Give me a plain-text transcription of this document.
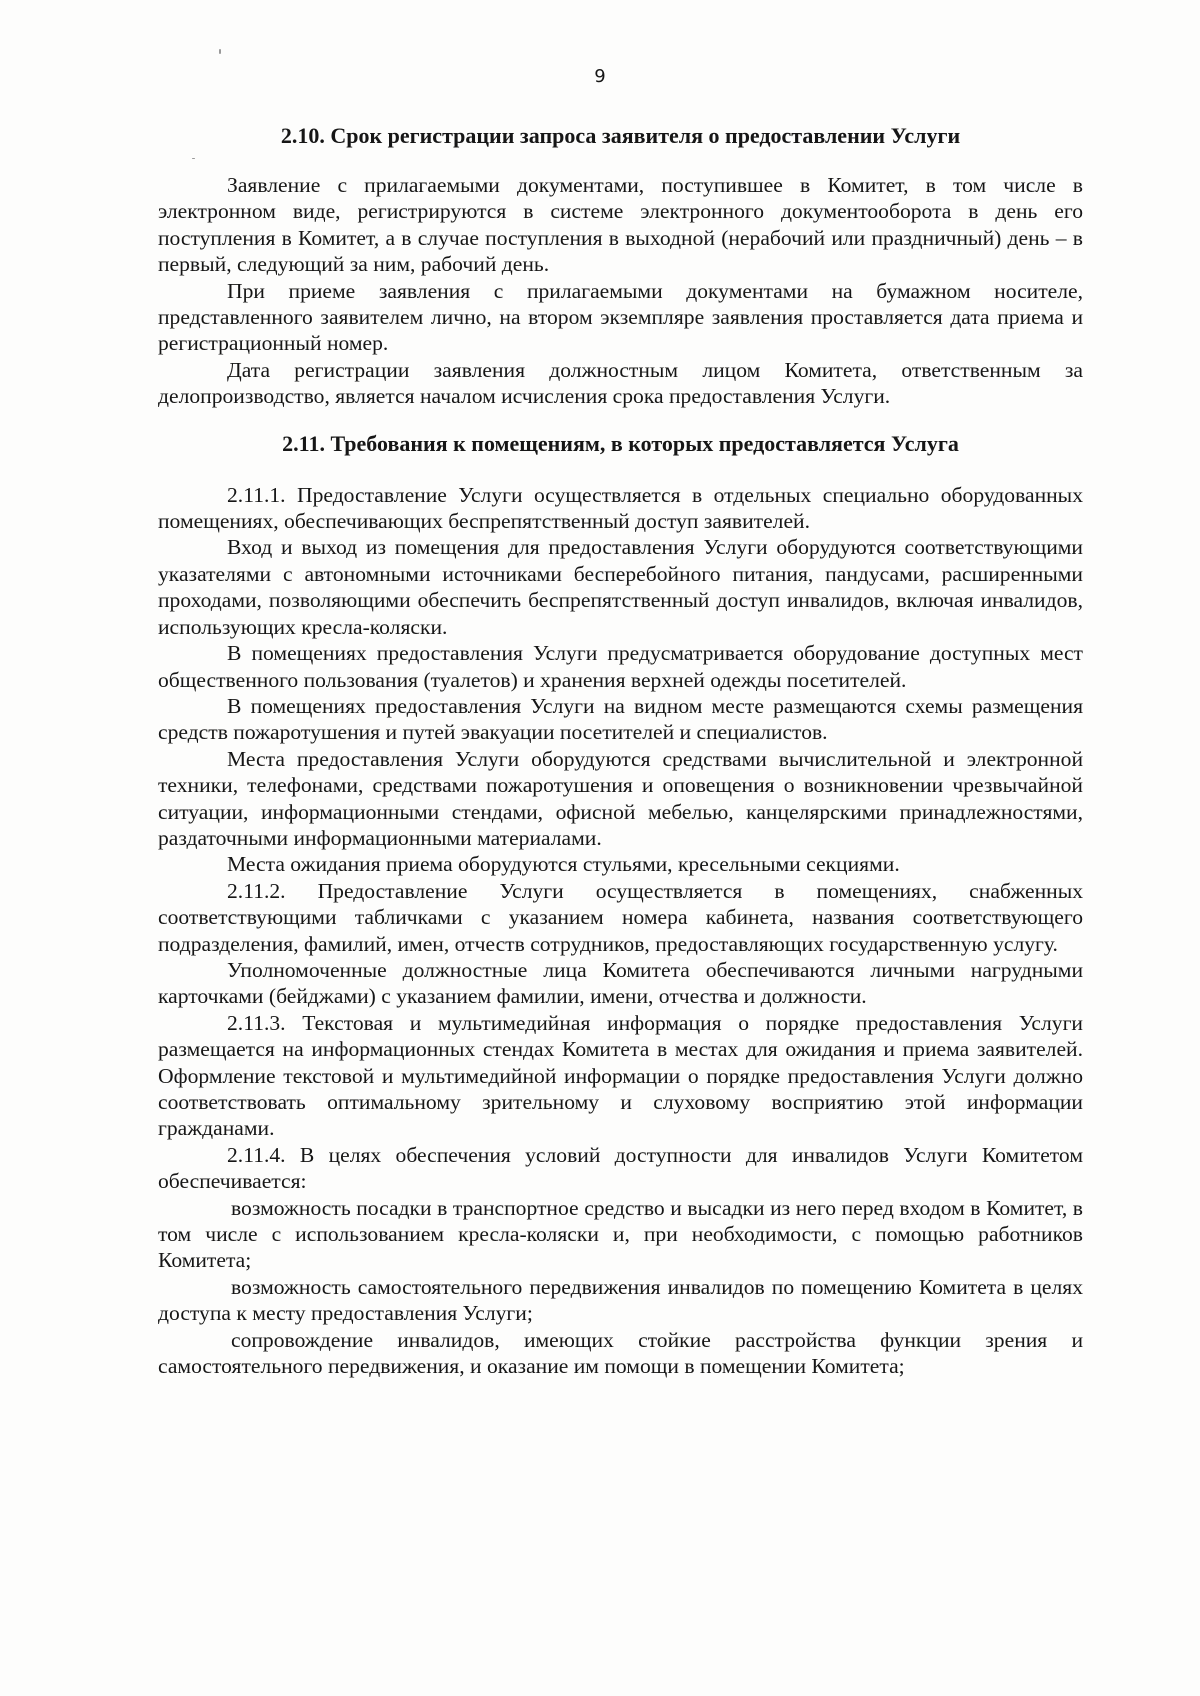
9
2.10. Срок регистрации запроса заявителя о предоставлении Услуги

Заявление с прилагаемыми документами, поступившее в Комитет, в том числе в электронном виде, регистрируются в системе электронного документооборота в день его поступления в Комитет, а в случае поступления в выходной (нерабочий или праздничный) день – в первый, следующий за ним, рабочий день.

При приеме заявления с прилагаемыми документами на бумажном носителе, представленного заявителем лично, на втором экземпляре заявления проставляется дата приема и регистрационный номер.

Дата регистрации заявления должностным лицом Комитета, ответственным за делопроизводство, является началом исчисления срока предоставления Услуги.

2.11. Требования к помещениям, в которых предоставляется Услуга

2.11.1. Предоставление Услуги осуществляется в отдельных специально оборудованных помещениях, обеспечивающих беспрепятственный доступ заявителей.

Вход и выход из помещения для предоставления Услуги оборудуются соответствующими указателями с автономными источниками бесперебойного питания, пандусами, расширенными проходами, позволяющими обеспечить беспрепятственный доступ инвалидов, включая инвалидов, использующих кресла-коляски.

В помещениях предоставления Услуги предусматривается оборудование доступных мест общественного пользования (туалетов) и хранения верхней одежды посетителей.

В помещениях предоставления Услуги на видном месте размещаются схемы размещения средств пожаротушения и путей эвакуации посетителей и специалистов.

Места предоставления Услуги оборудуются средствами вычислительной и электронной техники, телефонами, средствами пожаротушения и оповещения о возникновении чрезвычайной ситуации, информационными стендами, офисной мебелью, канцелярскими принадлежностями, раздаточными информационными материалами.

Места ожидания приема оборудуются стульями, кресельными секциями.

2.11.2. Предоставление Услуги осуществляется в помещениях, снабженных соответствующими табличками с указанием номера кабинета, названия соответствующего подразделения, фамилий, имен, отчеств сотрудников, предоставляющих государственную услугу.

Уполномоченные должностные лица Комитета обеспечиваются личными нагрудными карточками (бейджами) с указанием фамилии, имени, отчества и должности.

2.11.3. Текстовая и мультимедийная информация о порядке предоставления Услуги размещается на информационных стендах Комитета в местах для ожидания и приема заявителей. Оформление текстовой и мультимедийной информации о порядке предоставления Услуги должно соответствовать оптимальному зрительному и слуховому восприятию этой информации гражданами.

2.11.4. В целях обеспечения условий доступности для инвалидов Услуги Комитетом обеспечивается:

возможность посадки в транспортное средство и высадки из него перед входом в Комитет, в том числе с использованием кресла-коляски и, при необходимости, с помощью работников Комитета;

возможность самостоятельного передвижения инвалидов по помещению Комитета в целях доступа к месту предоставления Услуги;

сопровождение инвалидов, имеющих стойкие расстройства функции зрения и самостоятельного передвижения, и оказание им помощи в помещении Комитета;
